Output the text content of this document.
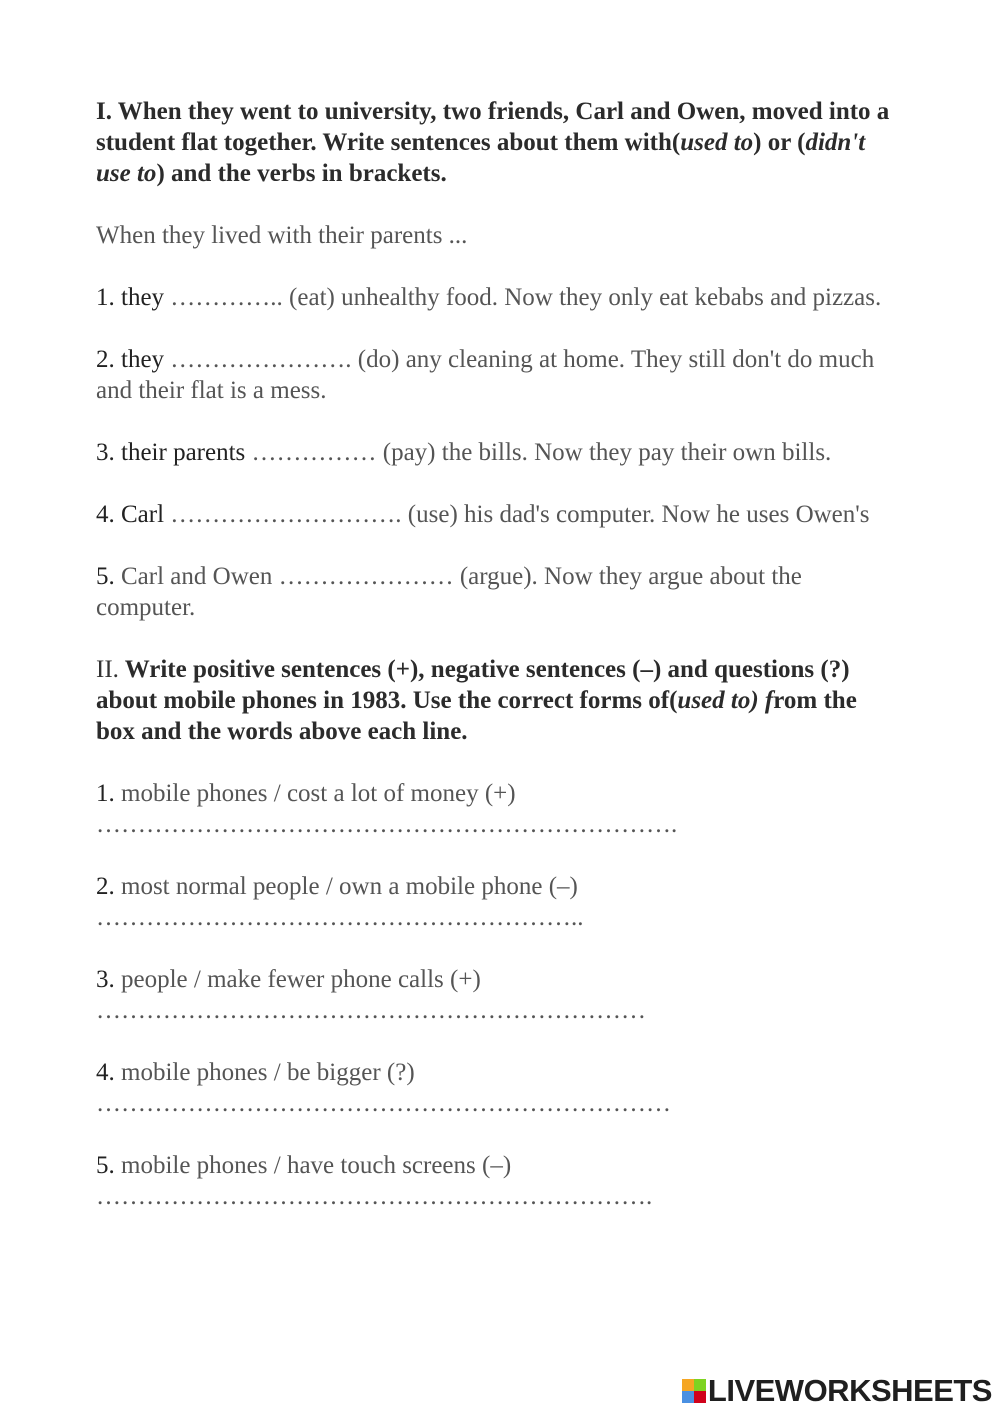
I. When they went to university, two friends, Carl and Owen, moved into a student flat together. Write sentences about them with(used to) or (didn't use to) and the verbs in brackets.

When they lived with their parents ...

1. they ………….. (eat) unhealthy food. Now they only eat kebabs and pizzas.

2. they …………………. (do) any cleaning at home. They still don't do much and their flat is a mess.

3. their parents …………… (pay) the bills. Now they pay their own bills.

4. Carl ………………………. (use) his dad's computer. Now he uses Owen's

5. Carl and Owen ………………… (argue). Now they argue about the computer.

II. Write positive sentences (+), negative sentences (–) and questions (?) about mobile phones in 1983. Use the correct forms of(used to) from the box and the words above each line.

1. mobile phones / cost a lot of money (+)

…………………………………………………………….

2. most normal people / own a mobile phone (–)

…………………………………………………..

3. people / make fewer phone calls (+)

…………………………………………………………

4. mobile phones / be bigger (?)

……………………………………………………………

5. mobile phones / have touch screens (–)

………………………………………………………….

LIVEWORKSHEETS
